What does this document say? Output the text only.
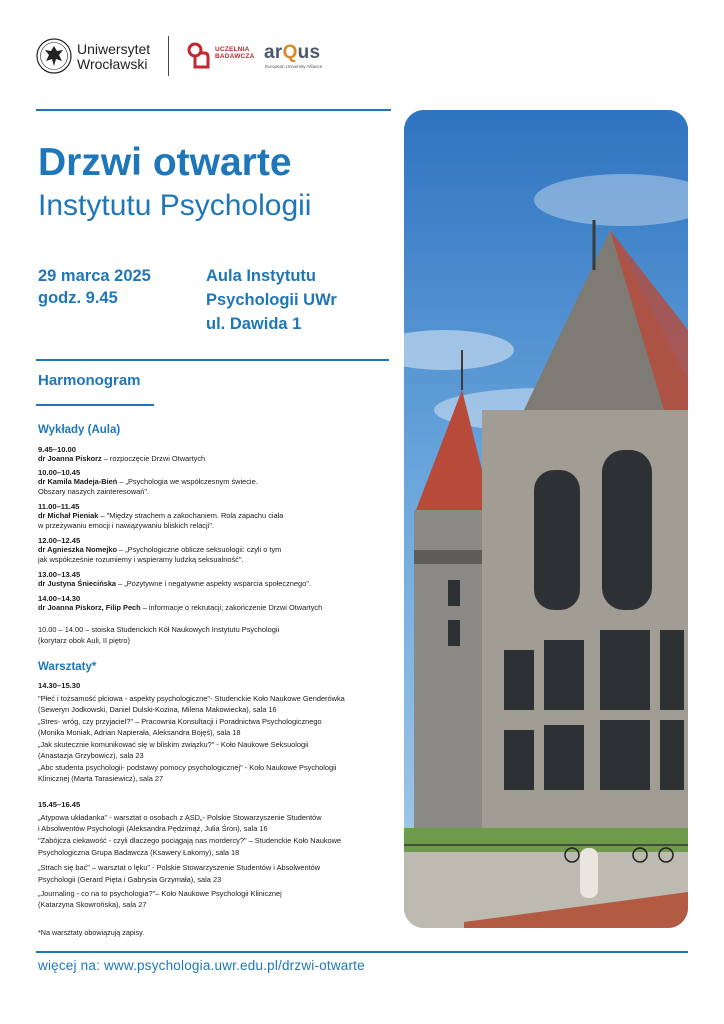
Uniwersytet
Wrocławski
UCZELNIA
BADAWCZA arQus
European University Alliance
Drzwi otwarte
Instytutu Psychologii
29 marca 2025
godz. 9.45
Aula Instytutu
Psychologii UWr
ul. Dawida 1
Harmonogram
Wykłady (Aula)
9.45–10.00
dr Joanna Piskorz – rozpoczęcie Drzwi Otwartych
10.00–10.45
dr Kamila Madeja-Bień – „Psychologia we współczesnym świecie.
Obszary naszych zainteresowań".
11.00–11.45
dr Michał Pieniak – "Między strachem a zakochaniem. Rola zapachu ciała
w przeżywaniu emocji i nawiązywaniu bliskich relacji".
12.00–12.45
dr Agnieszka Nomejko – „Psychologiczne oblicze seksuologii: czyli o tym
jak współcześnie rozumiemy i wspieramy ludzką seksualność".
13.00–13.45
dr Justyna Śniecińska – „Pozytywne i negatywne aspekty wsparcia społecznego".
14.00–14.30
dr Joanna Piskorz, Filip Pech – informacje o rekrutacji; zakończenie Drzwi Otwartych
10.00 – 14.00 – stoiska Studenckich Kół Naukowych Instytutu Psychologii
(korytarz obok Auli, II piętro)
Warsztaty*
14.30–15.30
"Płeć i tożsamość płciowa - aspekty psychologiczne"- Studenckie Koło Naukowe Genderówka
(Seweryn Jodkowski, Daniel Dulski-Kozina, Milena Makowiecka), sala 16
„Stres- wróg, czy przyjaciel?" – Pracownia Konsultacji i Poradnictwa Psychologicznego
(Monika Moniak, Adrian Napierała, Aleksandra Bojęś), sala 18
„Jak skutecznie komunikować się w bliskim związku?" - Koło Naukowe Seksuologii
(Anastazja Grzybowicz), sala 23
„Abc studenta psychologii- podstawy pomocy psychologicznej" - Koło Naukowe Psychologii
Klinicznej (Marta Tarasiewicz), sala 27
15.45–16.45
„Atypowa układanka" - warsztat o osobach z ASD„- Polskie Stowarzyszenie Studentów
i Absolwentów Psychologii (Aleksandra Pędzimąż, Julia Śron), sala 16
"Zabójcza ciekawość - czyli dlaczego pociągają nas mordercy?" – Studenckie Koło Naukowe
Psychologiczna Grupa Badawcza (Ksawery Łakomy), sala 18
„Strach się bać" – warsztat o lęku" - Polskie Stowarzyszenie Studentów i Absolwentów
Psychologii (Gerard Piętа i Gabrysia Grzymała), sala 23
„Journaling - co na to psychologia?"– Koło Naukowe Psychologii Klinicznej
(Katarzyna Skowrońska), sala 27
*Na warsztaty obowiązują zapisy.
więcej na: www.psychologia.uwr.edu.pl/drzwi-otwarte
